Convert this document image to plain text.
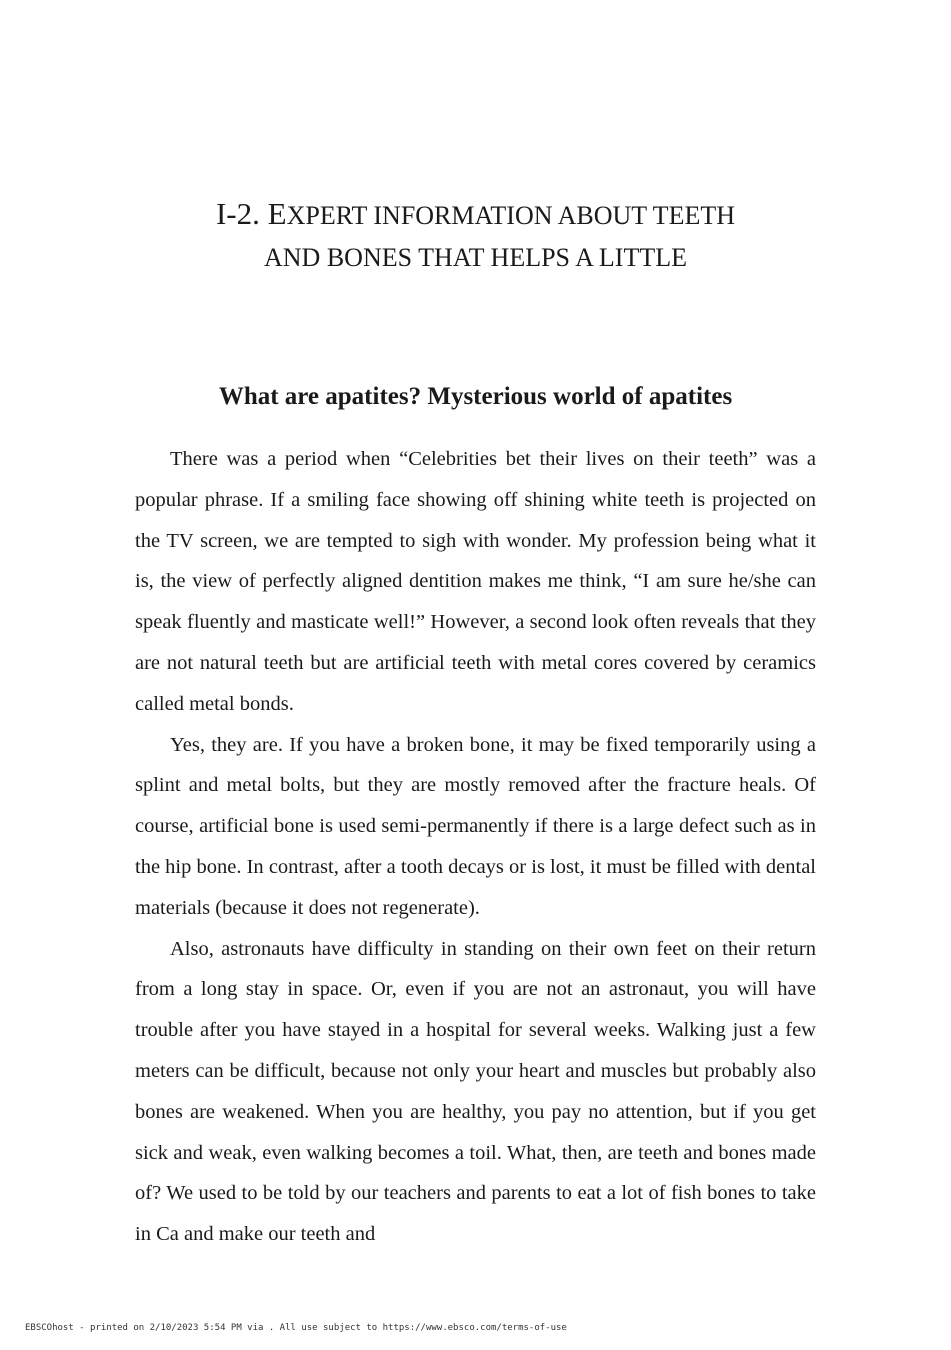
I-2. EXPERT INFORMATION ABOUT TEETH
AND BONES THAT HELPS A LITTLE
What are apatites? Mysterious world of apatites

There was a period when “Celebrities bet their lives on their teeth” was a popular phrase. If a smiling face showing off shining white teeth is projected on the TV screen, we are tempted to sigh with wonder. My profession being what it is, the view of perfectly aligned dentition makes me think, “I am sure he/she can speak fluently and masticate well!” However, a second look often reveals that they are not natural teeth but are artificial teeth with metal cores covered by ceramics called metal bonds.

Yes, they are. If you have a broken bone, it may be fixed temporarily using a splint and metal bolts, but they are mostly removed after the fracture heals. Of course, artificial bone is used semi-permanently if there is a large defect such as in the hip bone. In contrast, after a tooth decays or is lost, it must be filled with dental materials (because it does not regenerate).

Also, astronauts have difficulty in standing on their own feet on their return from a long stay in space. Or, even if you are not an astronaut, you will have trouble after you have stayed in a hospital for several weeks. Walking just a few meters can be difficult, because not only your heart and muscles but probably also bones are weakened. When you are healthy, you pay no attention, but if you get sick and weak, even walking becomes a toil. What, then, are teeth and bones made of? We used to be told by our teachers and parents to eat a lot of fish bones to take in Ca and make our teeth and

EBSCOhost - printed on 2/10/2023 5:54 PM via . All use subject to https://www.ebsco.com/terms-of-use
